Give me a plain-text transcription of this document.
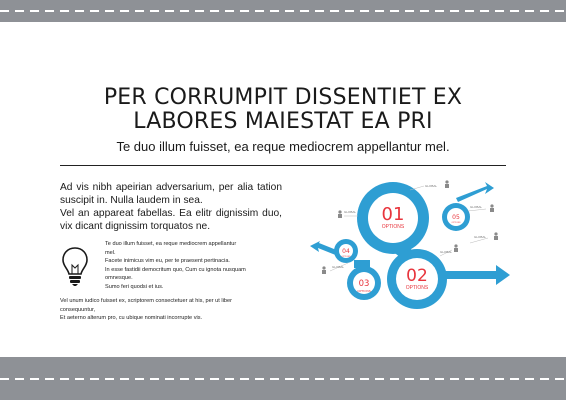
PER CORRUMPIT DISSENTIET EX
LABORES MAIESTAT EA PRI
Te duo illum fuisset, ea reque mediocrem appellantur mel.

Ad vis nibh apeirian adversarium, per alia tation suscipit in. Nulla laudem in sea.

Vel an appareat fabellas. Ea elitr dignissim duo, vix dicant dignissim torquatos ne.

Te duo illum fuisset, ea reque mediocrem appellantur
mel.
Facete inimicus vim eu, per te praesent pertinacia.
In esse fastidii democritum quo, Cum cu ignota nusquam
omnesque.
Sumo feri quodsi et ius.
Vel unum iudico fuisset ex, scriptorem consectetuer at his, per ut liber
consequuntur,
Et aeterno alterum pro, cu ubique nominati incorrupte vis.
01
02
03
04
05
OPTIONS
OPTIONS
OPTIONS
OPTIONS
OPTIONS
GLOBAL
GLOBAL
GLOBAL
GLOBAL
GLOBAL
GLOBAL
